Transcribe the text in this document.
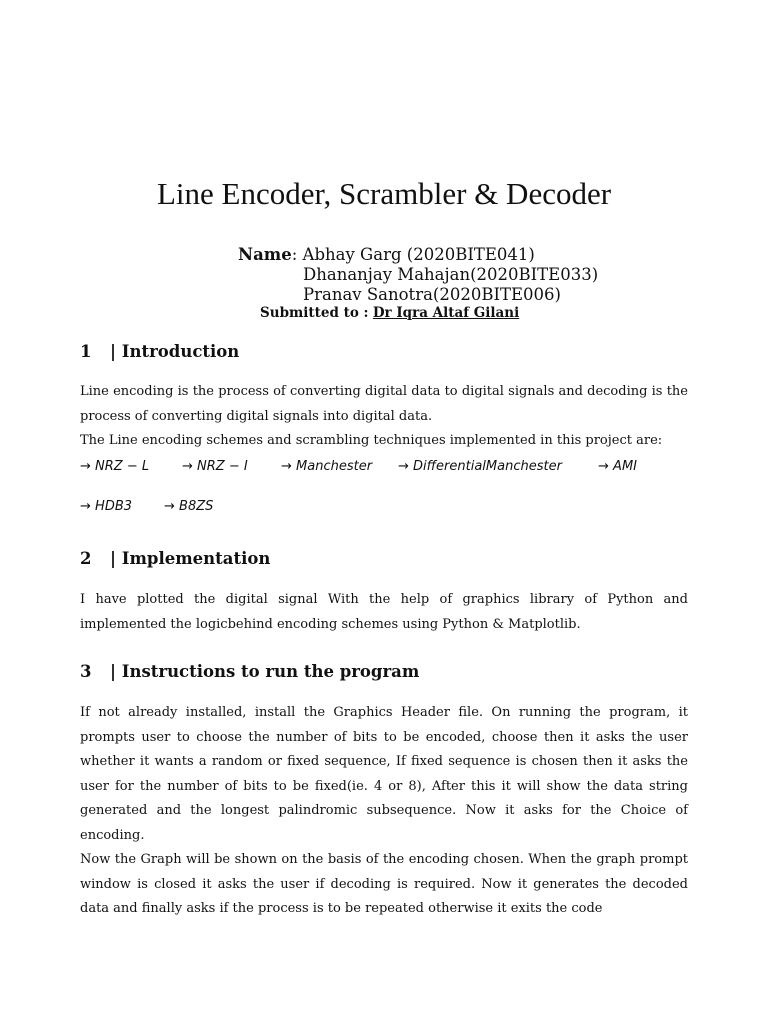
Line Encoder, Scrambler & Decoder
Name: Abhay Garg (2020BITE041)
Dhananjay Mahajan(2020BITE033)
Pranav Sanotra(2020BITE006)
Submitted to : Dr Iqra Altaf Gilani
1 | Introduction

Line encoding is the process of converting digital data to digital signals and decoding is the process of converting digital signals into digital data.

The Line encoding schemes and scrambling techniques implemented in this project are:

→ NRZ − L	→ NRZ − I	→ Manchester → DifferentialManchester	→ AMI
→ HDB3 → B8ZS
2 | Implementation

I have plotted the digital signal With the help of graphics library of Python and implemented the logicbehind encoding schemes using Python & Matplotlib.

3 | Instructions to run the program

If not already installed, install the Graphics Header file. On running the program, it prompts user to choose the number of bits to be encoded, choose then it asks the user whether it wants a random or fixed sequence, If fixed sequence is chosen then it asks the user for the number of bits to be fixed(ie. 4 or 8), After this it will show the data string generated and the longest palindromic subsequence. Now it asks for the Choice of encoding.

Now the Graph will be shown on the basis of the encoding chosen. When the graph prompt window is closed it asks the user if decoding is required. Now it generates the decoded data and finally asks if the process is to be repeated otherwise it exits the code
